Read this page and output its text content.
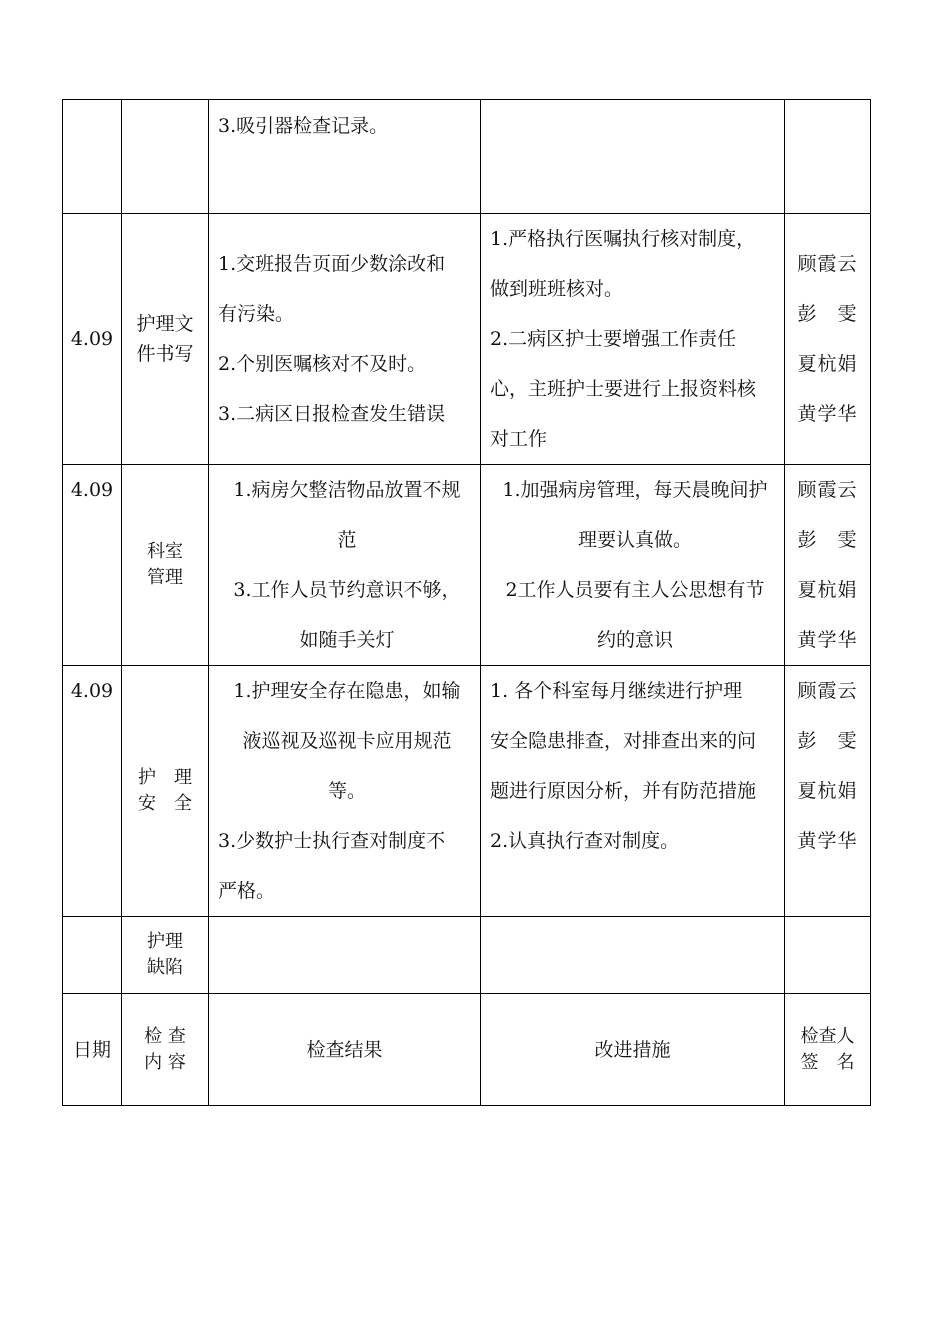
		3.吸引器检查记录。		

4.09	护理文
件书写	1.交班报告页面少数涂改和
有污染。
2.个别医嘱核对不及时。
3.二病区日报检查发生错误	1.严格执行医嘱执行核对制度，
做到班班核对。
2.二病区护士要增强工作责任
心，主班护士要进行上报资料核
对工作	顾霞云
彭　雯
夏杭娟
黄学华

4.09	科室
管理	1.病房欠整洁物品放置不规
范
3.工作人员节约意识不够，
如随手关灯	1.加强病房管理，每天晨晚间护
理要认真做。
2工作人员要有主人公思想有节
约的意识	顾霞云
彭　雯
夏杭娟
黄学华

4.09	护　理
安　全	1.护理安全存在隐患，如输
液巡视及巡视卡应用规范
等。
3.少数护士执行查对制度不
严格。	1. 各个科室每月继续进行护理
安全隐患排查，对排查出来的问
题进行原因分析，并有防范措施
2.认真执行查对制度。	顾霞云
彭　雯
夏杭娟
黄学华

	护理
缺陷			

日期	检 查
内 容	检查结果	改进措施	检查人
签　名
